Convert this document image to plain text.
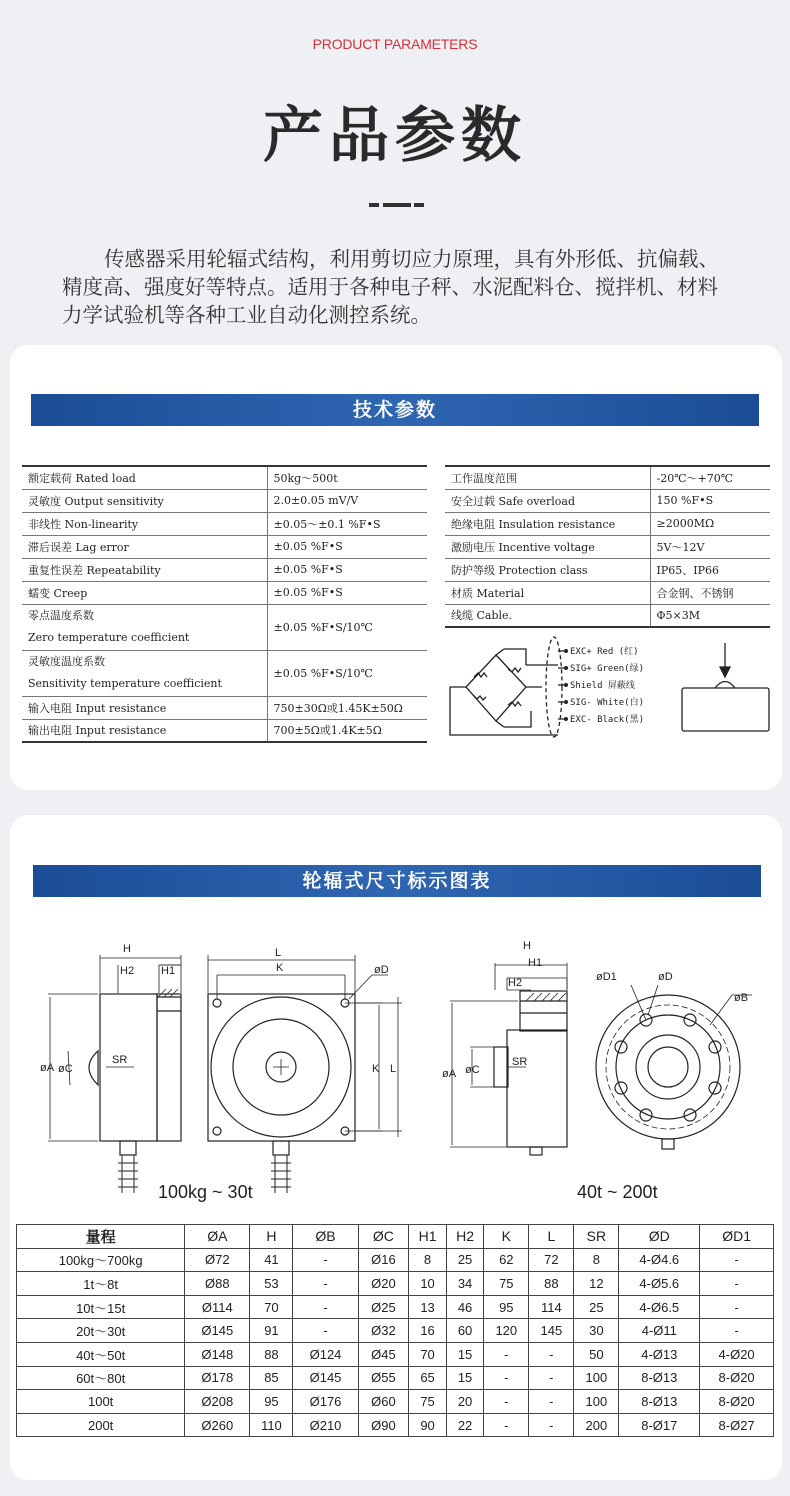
PRODUCT PARAMETERS
产品参数
传感器采用轮辐式结构，利用剪切应力原理，具有外形低、抗偏载、精度高、强度好等特点。适用于各种电子秤、水泥配料仓、搅拌机、材料力学试验机等各种工业自动化测控系统。
技术参数
额定载荷 Rated load	50kg～500t
灵敏度 Output sensitivity	2.0±0.05 mV/V
非线性 Non-linearity	±0.05～±0.1 %F•S
滞后误差 Lag error	±0.05 %F•S
重复性误差 Repeatability	±0.05 %F•S
蠕变 Creep	±0.05 %F•S

零点温度系数
Zero temperature coefficient	±0.05 %F•S/10℃

灵敏度温度系数
Sensitivity temperature coefficient	±0.05 %F•S/10℃
输入电阻 Input resistance	750±30Ω或1.45K±50Ω
输出电阻 Input resistance	700±5Ω或1.4K±5Ω
工作温度范围	-20℃～+70℃
安全过载 Safe overload	150 %F•S
绝缘电阻 Insulation resistance	≥2000MΩ
激励电压 Incentive voltage	5V～12V
防护等级 Protection class	IP65、IP66
材质 Material	合金钢、不锈钢
线缆 Cable.	Φ5×3M
EXC+ Red (红)
SIG+ Green(绿)
Shield 屏蔽线
SIG- White(白)
EXC- Black(黑)
轮辐式尺寸标示图表
H
H2 H1
L
K	øD
K L
øA øC
SR
H
H1
H2
øA øC
SR
øD1	øD
øB
100kg ~ 30t	40t ~ 200t
量程	ØA	H	ØB	ØC	H1	H2	K	L	SR	ØD	ØD1
100kg～700kg	Ø72	41	-	Ø16	8	25	62	72	8	4-Ø4.6	-
1t～8t	Ø88	53	-	Ø20	10	34	75	88	12	4-Ø5.6	-
10t～15t	Ø114	70	-	Ø25	13	46	95	114	25	4-Ø6.5	-
20t～30t	Ø145	91	-	Ø32	16	60	120	145	30	4-Ø11	-
40t～50t	Ø148	88	Ø124	Ø45	70	15	-	-	50	4-Ø13	4-Ø20
60t～80t	Ø178	85	Ø145	Ø55	65	15	-	-	100	8-Ø13	8-Ø20
100t	Ø208	95	Ø176	Ø60	75	20	-	-	100	8-Ø13	8-Ø20
200t	Ø260	110	Ø210	Ø90	90	22	-	-	200	8-Ø17	8-Ø27
